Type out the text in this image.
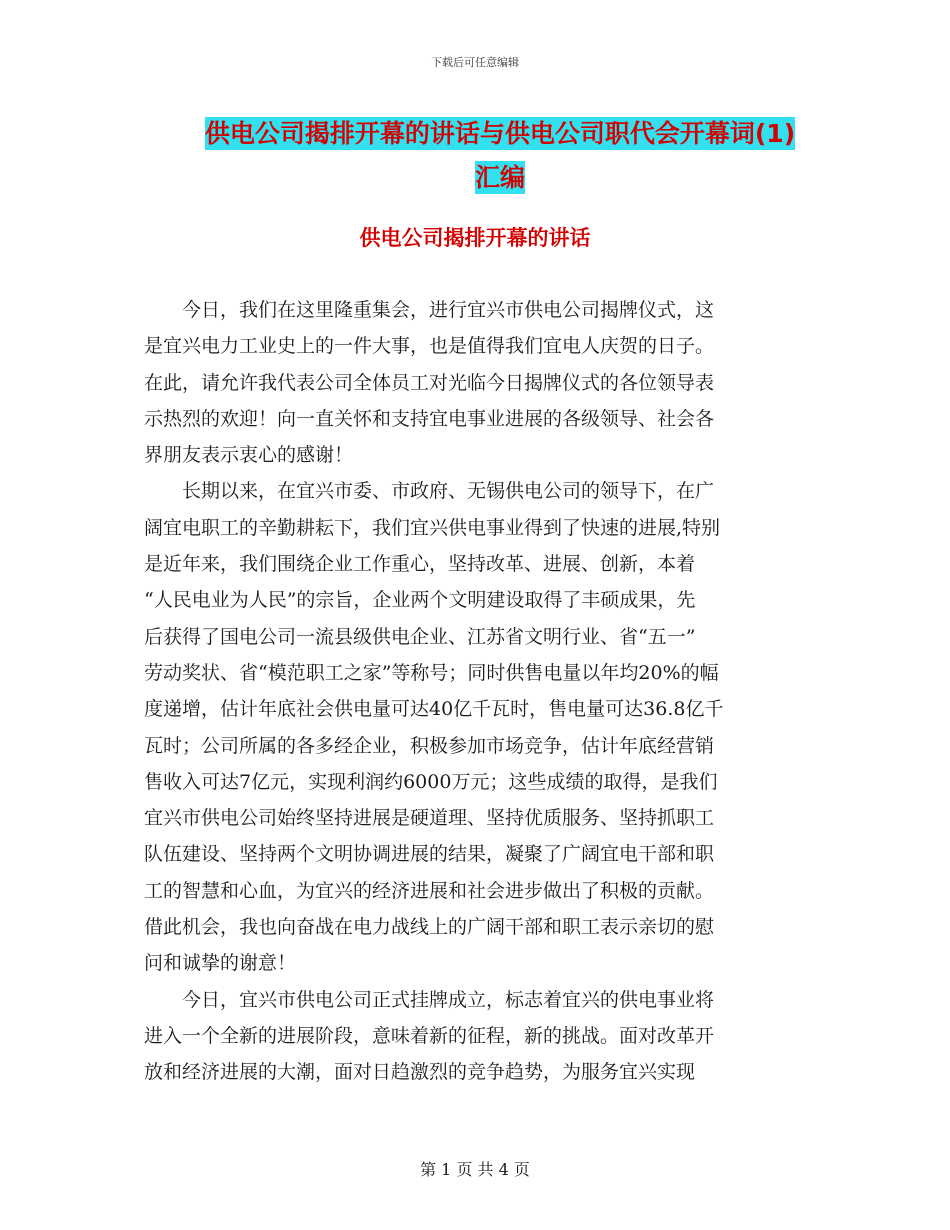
下载后可任意编辑
供电公司揭排开幕的讲话与供电公司职代会开幕词(1)
汇编
供电公司揭排开幕的讲话
　　今日，我们在这里隆重集会，进行宜兴市供电公司揭牌仪式，这
是宜兴电力工业史上的一件大事，也是值得我们宜电人庆贺的日子。
在此，请允许我代表公司全体员工对光临今日揭牌仪式的各位领导表
示热烈的欢迎！向一直关怀和支持宜电事业进展的各级领导、社会各
界朋友表示衷心的感谢！
　　长期以来，在宜兴市委、市政府、无锡供电公司的领导下，在广
阔宜电职工的辛勤耕耘下，我们宜兴供电事业得到了快速的进展,特别
是近年来，我们围绕企业工作重心，坚持改革、进展、创新，本着
“人民电业为人民”的宗旨，企业两个文明建设取得了丰硕成果，先
后获得了国电公司一流县级供电企业、江苏省文明行业、省“五一”
劳动奖状、省“模范职工之家”等称号；同时供售电量以年均20%的幅
度递增，估计年底社会供电量可达40亿千瓦时，售电量可达36.8亿千
瓦时；公司所属的各多经企业，积极参加市场竞争，估计年底经营销
售收入可达7亿元，实现利润约6000万元；这些成绩的取得，是我们
宜兴市供电公司始终坚持进展是硬道理、坚持优质服务、坚持抓职工
队伍建设、坚持两个文明协调进展的结果，凝聚了广阔宜电干部和职
工的智慧和心血，为宜兴的经济进展和社会进步做出了积极的贡献。
借此机会，我也向奋战在电力战线上的广阔干部和职工表示亲切的慰
问和诚挚的谢意！
　　今日，宜兴市供电公司正式挂牌成立，标志着宜兴的供电事业将
进入一个全新的进展阶段，意味着新的征程，新的挑战。面对改革开
放和经济进展的大潮，面对日趋激烈的竞争趋势，为服务宜兴实现
第 1 页 共 4 页
